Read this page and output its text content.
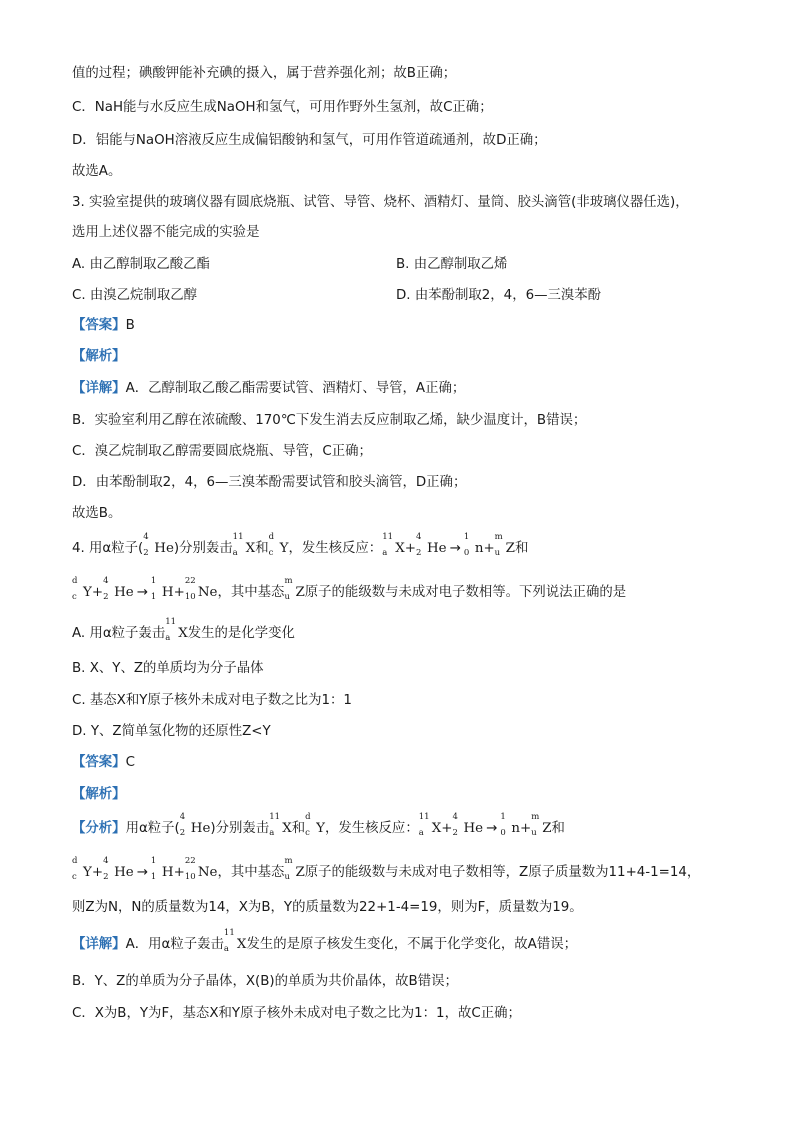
值的过程；碘酸钾能补充碘的摄入，属于营养强化剂；故B正确；
C．NaH能与水反应生成NaOH和氢气，可用作野外生氢剂，故C正确；
D．铝能与NaOH溶液反应生成偏铝酸钠和氢气，可用作管道疏通剂，故D正确；
故选A。
3. 实验室提供的玻璃仪器有圆底烧瓶、试管、导管、烧杯、酒精灯、量筒、胶头滴管(非玻璃仪器任选)，
选用上述仪器不能完成的实验是
A. 由乙醇制取乙酸乙酯	B. 由乙醇制取乙烯
C. 由溴乙烷制取乙醇	D. 由苯酚制取2，4，6—三溴苯酚
【答案】B
【解析】
【详解】A．乙醇制取乙酸乙酯需要试管、酒精灯、导管，A正确；
B．实验室利用乙醇在浓硫酸、170℃下发生消去反应制取乙烯，缺少温度计，B错误；
C．溴乙烷制取乙醇需要圆底烧瓶、导管，C正确；
D．由苯酚制取2，4，6—三溴苯酚需要试管和胶头滴管，D正确；
故选B。
4. 用α粒子(
4
2 He)分别轰击
11
a X和
d
c Y，发生核反应：
11
a X+
4
2 He →
1
0 n+
m
u Z和
d
c Y+
4
2 He →
1
1 H+
22
10 Ne，其中基态
m
u Z原子的能级数与未成对电子数相等。下列说法正确的是
A. 用α粒子轰击
11
a X发生的是化学变化
B. X、Y、Z的单质均为分子晶体
C. 基态X和Y原子核外未成对电子数之比为1：1
D. Y、Z简单氢化物的还原性Z<Y
【答案】C
【解析】
【分析】用α粒子(
4
2 He)分别轰击
11
a X和
d
c Y，发生核反应：
11
a X+
4
2 He →
1
0 n+
m
u Z和
d
c Y+
4
2 He →
1
1 H+
22
10 Ne，其中基态
m
u Z原子的能级数与未成对电子数相等，Z原子质量数为11+4-1=14，
则Z为N，N的质量数为14，X为B，Y的质量数为22+1-4=19，则为F，质量数为19。
【详解】A．用α粒子轰击
11
a X发生的是原子核发生变化，不属于化学变化，故A错误；
B．Y、Z的单质为分子晶体，X(B)的单质为共价晶体，故B错误；
C．X为B，Y为F，基态X和Y原子核外未成对电子数之比为1：1，故C正确；
